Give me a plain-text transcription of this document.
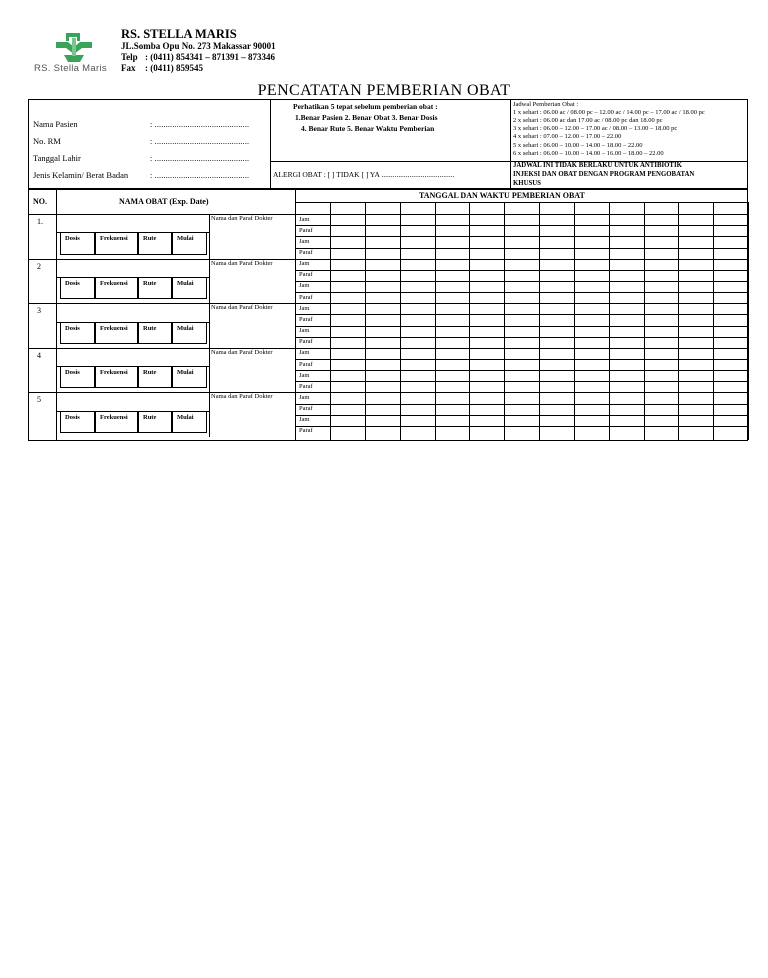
RS. Stella Maris
RS. STELLA MARIS
JL.Somba Opu No. 273 Makassar 90001
Telp : (0411) 854341 – 871391 – 873346
Fax : (0411) 859545
PENCATATAN PEMBERIAN OBAT
Nama Pasien	: ...........................................
No. RM	: ...........................................
Tanggal Lahir	: ...........................................
Jenis Kelamin/ Berat Badan	: ...........................................
Perhatikan 5 tepat sebelum pemberian obat :
1.Benar Pasien 2. Benar Obat 3. Benar Dosis
4. Benar Rute 5. Benar Waktu Pemberian
ALERGI OBAT : [ ] TIDAK [ ] YA .......................................
Jadwal Pemberian Obat :
1 x sehari : 06.00 ac / 08.00 pc – 12.00 ac / 14.00 pc – 17.00 ac / 18.00 pc
2 x sehari : 06.00 ac dan 17.00 ac / 08.00 pc dan 18.00 pc
3 x sehari : 06.00 – 12.00 – 17.00 ac / 08.00 – 13.00 – 18.00 pc
4 x sehari : 07.00 – 12.00 – 17.00 – 22.00
5 x sehari : 06.00 – 10.00 – 14.00 – 18.00 – 22.00
6 x sehari : 06.00 – 10.00 – 14.00 – 16.00 – 18.00 – 22.00
JADWAL INI TIDAK BERLAKU UNTUK ANTIBIOTIK
INJEKSI DAN OBAT DENGAN PROGRAM PENGOBATAN
KHUSUS
NO.	NAMA OBAT (Exp. Date)
TANGGAL DAN WAKTU PEMBERIAN OBAT
1.	Nama dan Paraf Dokter	Jam
Paraf
Jam
Paraf
Dosis	Frekuensi Rute	Mulai
2	Nama dan Paraf Dokter	Jam
Paraf
Jam
Paraf
Dosis	Frekuensi Rute	Mulai
3	Nama dan Paraf Dokter	Jam
Paraf
Jam
Paraf
Dosis	Frekuensi Rute	Mulai
4	Nama dan Paraf Dokter	Jam
Paraf
Jam
Paraf
Dosis	Frekuensi Rute	Mulai
5	Nama dan Paraf Dokter	Jam
Paraf
Jam
Paraf
Dosis	Frekuensi Rute	Mulai
